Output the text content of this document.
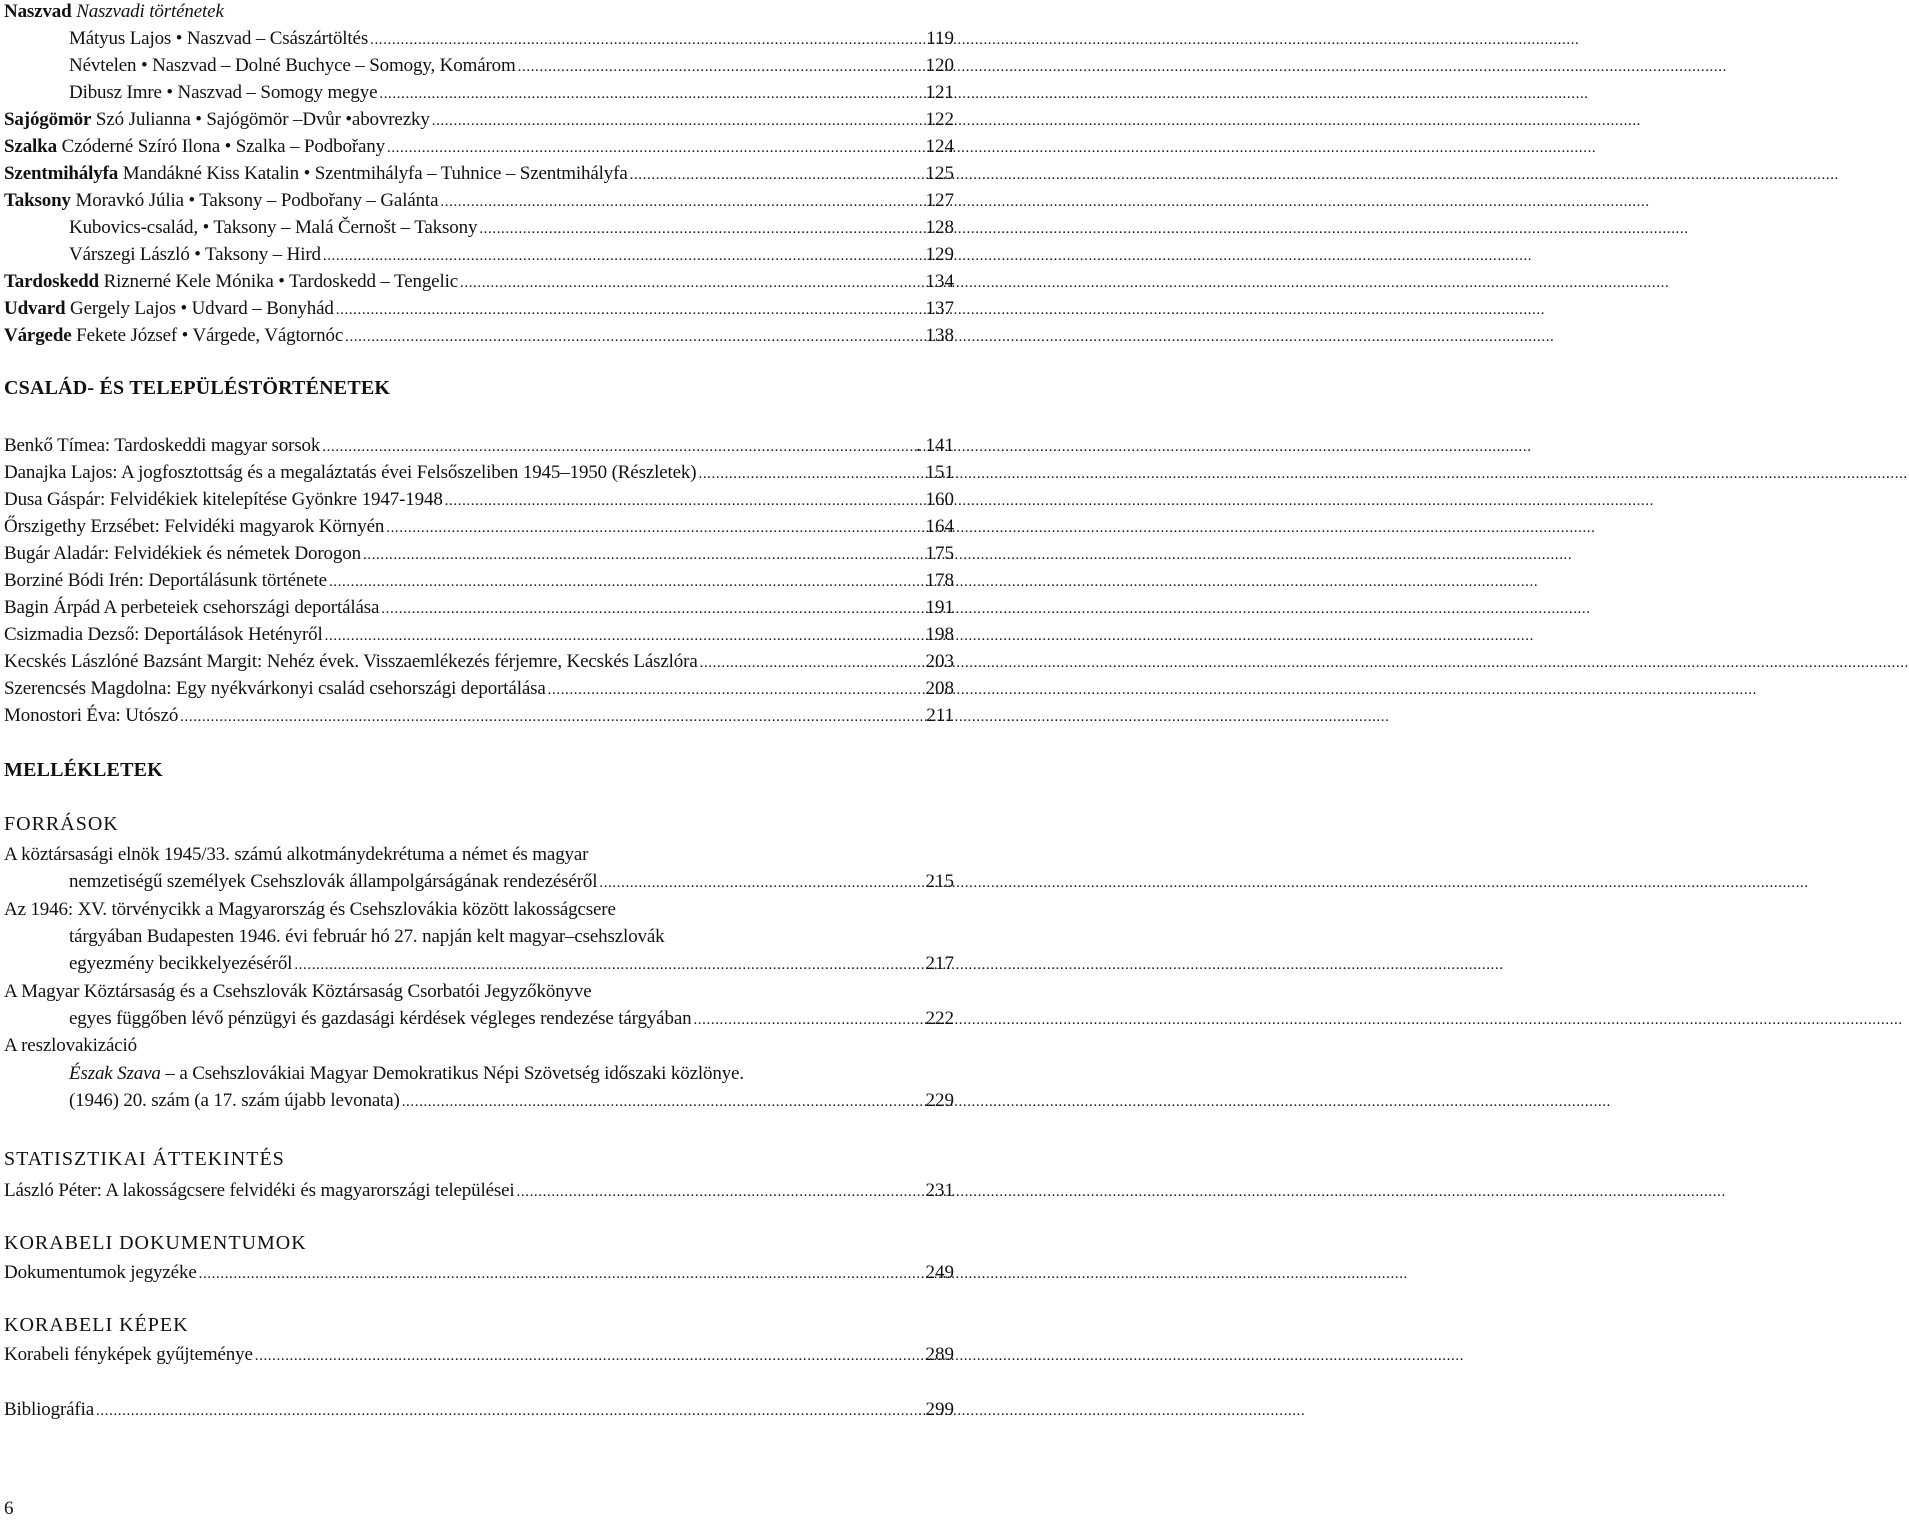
Naszvad Naszvadi történetek
Mátyus Lajos • Naszvad – Császártöltés .....	119
Névtelen • Naszvad – Dolné Buchyce – Somogy, Komárom .....	120
Dibusz Imre • Naszvad – Somogy megye .....	121
Sajógömör Szó Julianna • Sajógömör –Dvůr •abovrezky .....	122
Szalka Czóderné Szíró Ilona • Szalka – Podbořany .....	124
Szentmihályfa Mandákné Kiss Katalin • Szentmihályfa – Tuhnice – Szentmihályfa .....	125
Taksony Moravkó Júlia • Taksony – Podbořany – Galánta .....	127
Kubovics-család, • Taksony – Malá Černošt – Taksony .....	128
Várszegi László • Taksony – Hird .....	129
Tardoskedd Riznerné Kele Mónika • Tardoskedd – Tengelic .....	134
Udvard Gergely Lajos • Udvard – Bonyhád .....	137
Várgede Fekete József • Várgede, Vágtornóc .....	138
CSALÁD- ÉS TELEPÜLÉSTÖRTÉNETEK
Benkő Tímea: Tardoskeddi magyar sorsok .....	. 141
Danajka Lajos: A jogfosztottság és a megaláztatás évei Felsőszeliben 1945–1950 (Részletek) .....	151
Dusa Gáspár: Felvidékiek kitelepítése Gyönkre 1947-1948 .....	160
Őrszigethy Erzsébet: Felvidéki magyarok Környén .....	164
Bugár Aladár: Felvidékiek és németek Dorogon .....	175
Borziné Bódi Irén: Deportálásunk története .....	178
Bagin Árpád A perbeteiek csehországi deportálása .....	191
Csizmadia Dezső: Deportálások Hetényről .....	198
Kecskés Lászlóné Bazsánt Margit: Nehéz évek. Visszaemlékezés férjemre, Kecskés Lászlóra .....	203
Szerencsés Magdolna: Egy nyékvárkonyi család csehországi deportálása .....	208
Monostori Éva: Utószó .....	211
MELLÉKLETEK
FORRÁSOK
A köztársasági elnök 1945/33. számú alkotmánydekrétuma a német és magyar
nemzetiségű személyek Csehszlovák állampolgárságának rendezéséről .....	215
Az 1946: XV. törvénycikk a Magyarország és Csehszlovákia között lakosságcsere
tárgyában Budapesten 1946. évi február hó 27. napján kelt magyar–csehszlovák
egyezmény becikkelyezéséről .....	217
A Magyar Köztársaság és a Csehszlovák Köztársaság Csorbatói Jegyzőkönyve
egyes függőben lévő pénzügyi és gazdasági kérdések végleges rendezése tárgyában .....	222
A reszlovakizáció
Észak Szava – a Csehszlovákiai Magyar Demokratikus Népi Szövetség időszaki közlönye.
(1946) 20. szám (a 17. szám újabb levonata) .....	229
STATISZTIKAI ÁTTEKINTÉS
László Péter: A lakosságcsere felvidéki és magyarországi települései .....	231
KORABELI DOKUMENTUMOK
Dokumentumok jegyzéke .....	249
KORABELI KÉPEK
Korabeli fényképek gyűjteménye .....	289
Bibliográfia .....	299
6
